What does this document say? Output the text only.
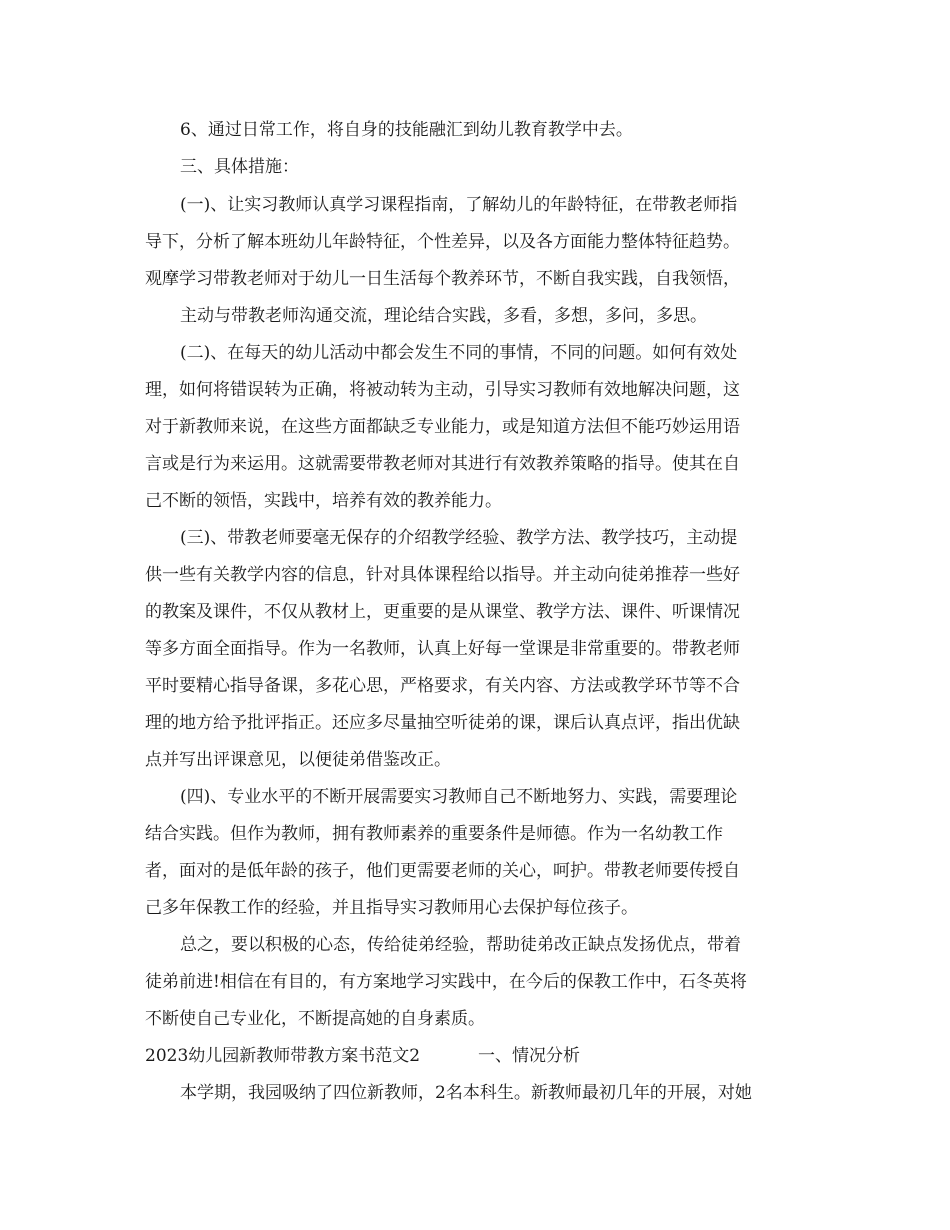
6、通过日常工作，将自身的技能融汇到幼儿教育教学中去。

三、具体措施：

(一)、让实习教师认真学习课程指南，了解幼儿的年龄特征，在带教老师指

导下，分析了解本班幼儿年龄特征，个性差异，以及各方面能力整体特征趋势。

观摩学习带教老师对于幼儿一日生活每个教养环节，不断自我实践，自我领悟，

主动与带教老师沟通交流，理论结合实践，多看，多想，多问，多思。

(二)、在每天的幼儿活动中都会发生不同的事情，不同的问题。如何有效处

理，如何将错误转为正确，将被动转为主动，引导实习教师有效地解决问题，这

对于新教师来说，在这些方面都缺乏专业能力，或是知道方法但不能巧妙运用语

言或是行为来运用。这就需要带教老师对其进行有效教养策略的指导。使其在自

己不断的领悟，实践中，培养有效的教养能力。

(三)、带教老师要毫无保存的介绍教学经验、教学方法、教学技巧，主动提

供一些有关教学内容的信息，针对具体课程给以指导。并主动向徒弟推荐一些好

的教案及课件，不仅从教材上，更重要的是从课堂、教学方法、课件、听课情况

等多方面全面指导。作为一名教师，认真上好每一堂课是非常重要的。带教老师

平时要精心指导备课，多花心思，严格要求，有关内容、方法或教学环节等不合

理的地方给予批评指正。还应多尽量抽空听徒弟的课，课后认真点评，指出优缺

点并写出评课意见，以便徒弟借鉴改正。

(四)、专业水平的不断开展需要实习教师自己不断地努力、实践，需要理论

结合实践。但作为教师，拥有教师素养的重要条件是师德。作为一名幼教工作

者，面对的是低年龄的孩子，他们更需要老师的关心，呵护。带教老师要传授自

己多年保教工作的经验，并且指导实习教师用心去保护每位孩子。

总之，要以积极的心态，传给徒弟经验，帮助徒弟改正缺点发扬优点，带着

徒弟前进!相信在有目的，有方案地学习实践中，在今后的保教工作中，石冬英将

不断使自己专业化，不断提高她的自身素质。

2023幼儿园新教师带教方案书范文2	一、情况分析

本学期，我园吸纳了四位新教师，2名本科生。新教师最初几年的开展，对她
